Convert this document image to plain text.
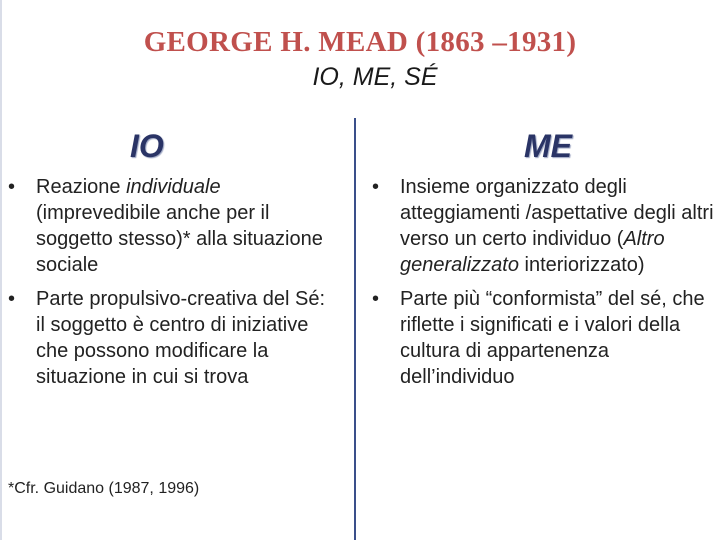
GEORGE H. MEAD (1863 –1931)
IO, ME, SÉ
IO	ME
• Reazione individuale (imprevedibile anche per il soggetto stesso)* alla situazione sociale
• Parte propulsivo-creativa del Sé: il soggetto è centro di iniziative che possono modificare la situazione in cui si trova
• Insieme organizzato degli atteggiamenti /aspettative degli altri verso un certo individuo (Altro generalizzato interiorizzato)
• Parte più “conformista” del sé, che riflette i significati e i valori della cultura di appartenenza dell’individuo
*Cfr. Guidano (1987, 1996)
